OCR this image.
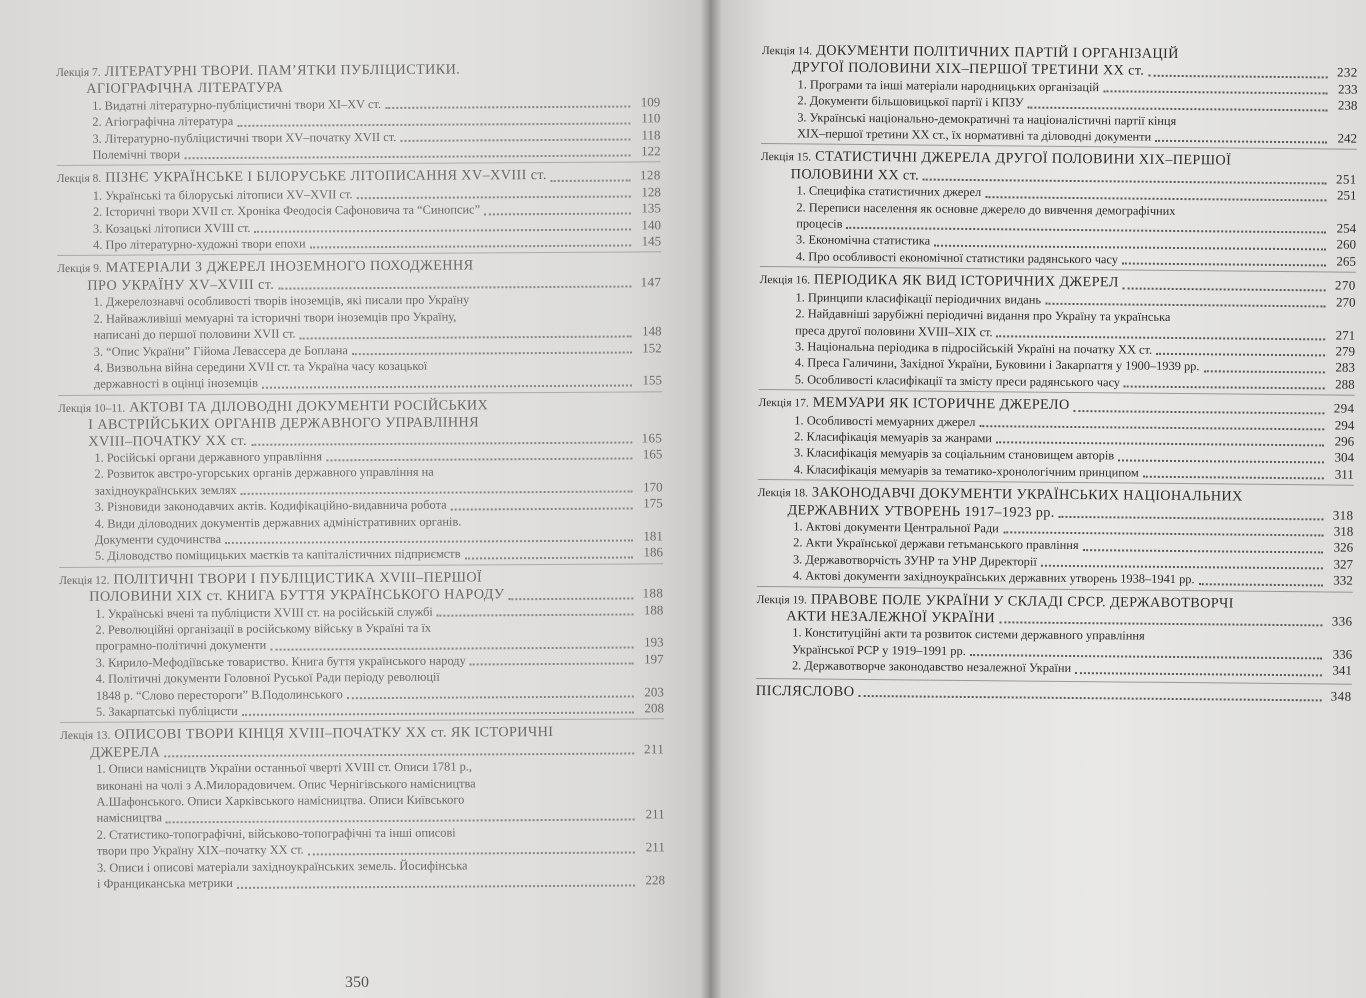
Лекція 7. ЛІТЕРАТУРНІ ТВОРИ. ПАМ’ЯТКИ ПУБЛІЦИСТИКИ.
АГІОГРАФІЧНА ЛІТЕРАТУРА
1. Видатні літературно-публіцистичні твори XI–XV ст.	109
2. Агіографічна література	110
3. Літературно-публіцистичні твори XV–початку XVII ст.	118
Полемічні твори	122
Лекція 8. ПІЗНЄ УКРАЇНСЬКЕ І БІЛОРУСЬКЕ ЛІТОПИСАННЯ XV–XVIII ст.	128
1. Українські та білоруські літописи XV–XVII ст.	128
2. Історичні твори XVII ст. Хроніка Феодосія Сафоновича та “Синопсис”	135
3. Козацькі літописи XVIII ст.	140
4. Про літературно-художні твори епохи	145
Лекція 9. МАТЕРІАЛИ З ДЖЕРЕЛ ІНОЗЕМНОГО ПОХОДЖЕННЯ
ПРО УКРАЇНУ XV–XVIII ст.	147
1. Джерелознавчі особливості творів іноземців, які писали про Україну
2. Найважливіші мемуарні та історичні твори іноземців про Україну,
написані до першої половини XVII ст.	148
3. “Опис України” Гійома Левассера де Боплана	152
4. Визвольна війна середини XVII ст. та Україна часу козацької
державності в оцінці іноземців	155
Лекція 10–11. АКТОВІ ТА ДІЛОВОДНІ ДОКУМЕНТИ РОСІЙСЬКИХ
І АВСТРІЙСЬКИХ ОРГАНІВ ДЕРЖАВНОГО УПРАВЛІННЯ
XVIII–ПОЧАТКУ XX ст.	165
1. Російські органи державного управління	165
2. Розвиток австро-угорських органів державного управління на
західноукраїнських землях	170
3. Різновиди законодавчих актів. Кодифікаційно-видавнича робота	175
4. Види діловодних документів державних адміністративних органів.
Документи судочинства	181
5. Діловодство поміщицьких маєтків та капіталістичних підприємств	186
Лекція 12. ПОЛІТИЧНІ ТВОРИ І ПУБЛІЦИСТИКА XVIII–ПЕРШОЇ
ПОЛОВИНИ XIX ст. КНИГА БУТТЯ УКРАЇНСЬКОГО НАРОДУ	188
1. Українські вчені та публіцисти XVIII ст. на російській службі	188
2. Революційні організації в російському війську в Україні та їх
програмно-політичні документи	193
3. Кирило-Мефодіївське товариство. Книга буття українського народу	197
4. Політичні документи Головної Руської Ради періоду революції
1848 р. “Слово перестороги” В.Подолинського	203
5. Закарпатські публіцисти	208
Лекція 13. ОПИСОВІ ТВОРИ КІНЦЯ XVIII–ПОЧАТКУ XX ст. ЯК ІСТОРИЧНІ
ДЖЕРЕЛА	211
1. Описи намісництв України останньої чверті XVIII ст. Описи 1781 р.,
виконані на чолі з А.Милорадовичем. Опис Чернігівського намісництва
А.Шафонського. Описи Харківського намісництва. Описи Київського
намісництва	211
2. Статистико-топографічні, військово-топографічні та інші описові
твори про Україну XIX–початку XX ст.	211
3. Описи і описові матеріали західноукраїнських земель. Йосифінська
і Франциканська метрики	228
350
Лекція 14. ДОКУМЕНТИ ПОЛІТИЧНИХ ПАРТІЙ І ОРГАНІЗАЦІЙ
ДРУГОЇ ПОЛОВИНИ XIX–ПЕРШОЇ ТРЕТИНИ XX ст.	232
1. Програми та інші матеріали народницьких організацій	233
2. Документи більшовицької партії і КПЗУ	238
3. Українські національно-демократичні та націоналістичні партії кінця
XIX–першої третини XX ст., їх нормативні та діловодні документи	242
Лекція 15. СТАТИСТИЧНІ ДЖЕРЕЛА ДРУГОЇ ПОЛОВИНИ XIX–ПЕРШОЇ
ПОЛОВИНИ XX ст.	251
1. Специфіка статистичних джерел	251
2. Переписи населення як основне джерело до вивчення демографічних
процесів	254
3. Економічна статистика	260
4. Про особливості економічної статистики радянського часу	265
Лекція 16. ПЕРІОДИКА ЯК ВИД ІСТОРИЧНИХ ДЖЕРЕЛ	270
1. Принципи класифікації періодичних видань	270
2. Найдавніші зарубіжні періодичні видання про Україну та українська
преса другої половини XVIII–XIX ст.	271
3. Національна періодика в підросійській Україні на початку XX ст.	279
4. Преса Галичини, Західної України, Буковини і Закарпаття у 1900–1939 рр.	283
5. Особливості класифікації та змісту преси радянського часу	288
Лекція 17. МЕМУАРИ ЯК ІСТОРИЧНЕ ДЖЕРЕЛО	294
1. Особливості мемуарних джерел	294
2. Класифікація мемуарів за жанрами	296
3. Класифікація мемуарів за соціальним становищем авторів	304
4. Класифікація мемуарів за тематико-хронологічним принципом	311
Лекція 18. ЗАКОНОДАВЧІ ДОКУМЕНТИ УКРАЇНСЬКИХ НАЦІОНАЛЬНИХ
ДЕРЖАВНИХ УТВОРЕНЬ 1917–1923 рр.	318
1. Актові документи Центральної Ради	318
2. Акти Української держави гетьманського правління	326
3. Державотворчість ЗУНР та УНР Директорії	327
4. Актові документи західноукраїнських державних утворень 1938–1941 рр.	332
Лекція 19. ПРАВОВЕ ПОЛЕ УКРАЇНИ У СКЛАДІ СРСР. ДЕРЖАВОТВОРЧІ
АКТИ НЕЗАЛЕЖНОЇ УКРАЇНИ	336
1. Конституційні акти та розвиток системи державного управління
Української РСР у 1919–1991 рр.	336
2. Державотворче законодавство незалежної України	341
ПІСЛЯСЛОВО	348
